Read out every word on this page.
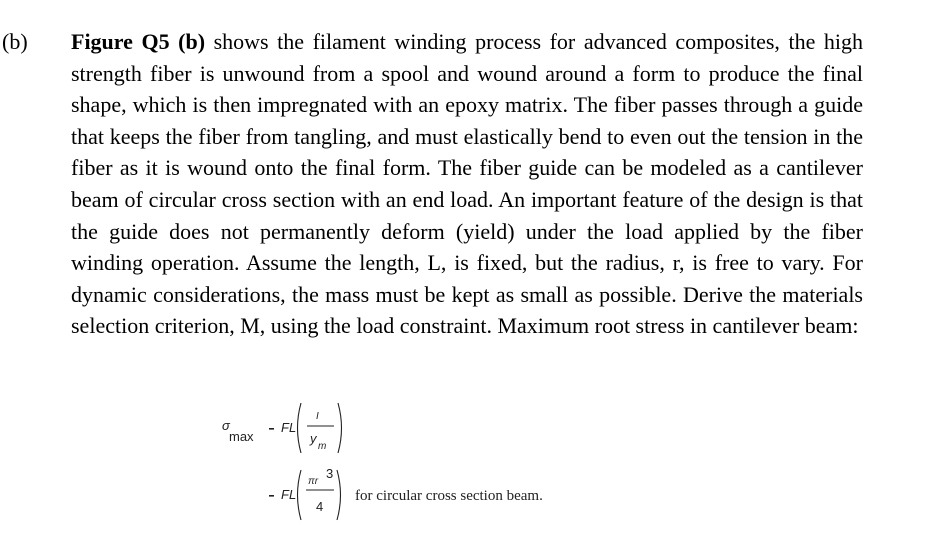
(b) Figure Q5 (b) shows the filament winding process for advanced composites, the high strength fiber is unwound from a spool and wound around a form to produce the final shape, which is then impregnated with an epoxy matrix. The fiber passes through a guide that keeps the fiber from tangling, and must elastically bend to even out the tension in the fiber as it is wound onto the final form. The fiber guide can be modeled as a cantilever beam of circular cross section with an end load. An important feature of the design is that the guide does not permanently deform (yield) under the load applied by the fiber winding operation. Assume the length, L, is fixed, but the radius, r, is free to vary. For dynamic considerations, the mass must be kept as small as possible. Derive the materials selection criterion, M, using the load constraint. Maximum root stress in cantilever beam:

σ
max
FL
I
y
m
FL
πr
3
4
for circular cross section beam.
